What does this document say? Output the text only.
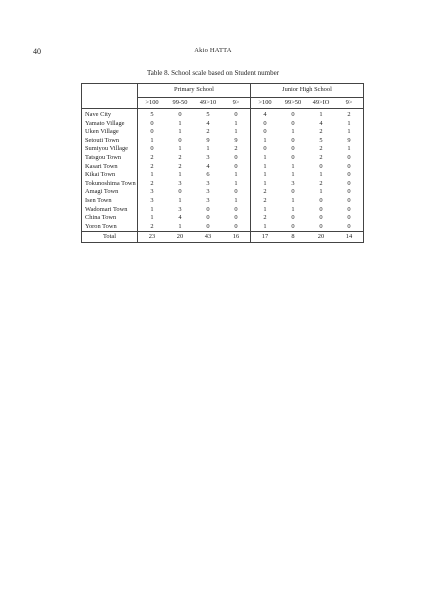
40	Akio HATTA
Table 8. School scale based on Student number
	Primary School				Junior High School			
	>100	99-50	49>10	9>	>100	99>50	49>IO	9>
Nave City	5	0	5	0	4	0	1	2
Yamato Village	0	1	4	1	0	0	4	1
Uken Village	0	1	2	1	0	1	2	1
Setouti Town	1	0	9	9	1	0	5	9
Sumiyou Village	0	1	1	2	0	0	2	1
Tatsgou Town	2	2	3	0	1	0	2	0
Kasari Town	2	2	4	0	1	1	0	0
Kikai Town	1	1	6	1	1	1	1	0
Tokunoshima Town	2	3	3	1	1	3	2	0
Amagi Town	3	0	3	0	2	0	1	0
Isen Town	3	1	3	1	2	1	0	0
Wadomari Town	1	3	0	0	1	1	0	0
China Town	1	4	0	0	2	0	0	0
Yoron Town	2	1	0	0	1	0	0	0
Total	23	20	43	16	17	8	20	14
